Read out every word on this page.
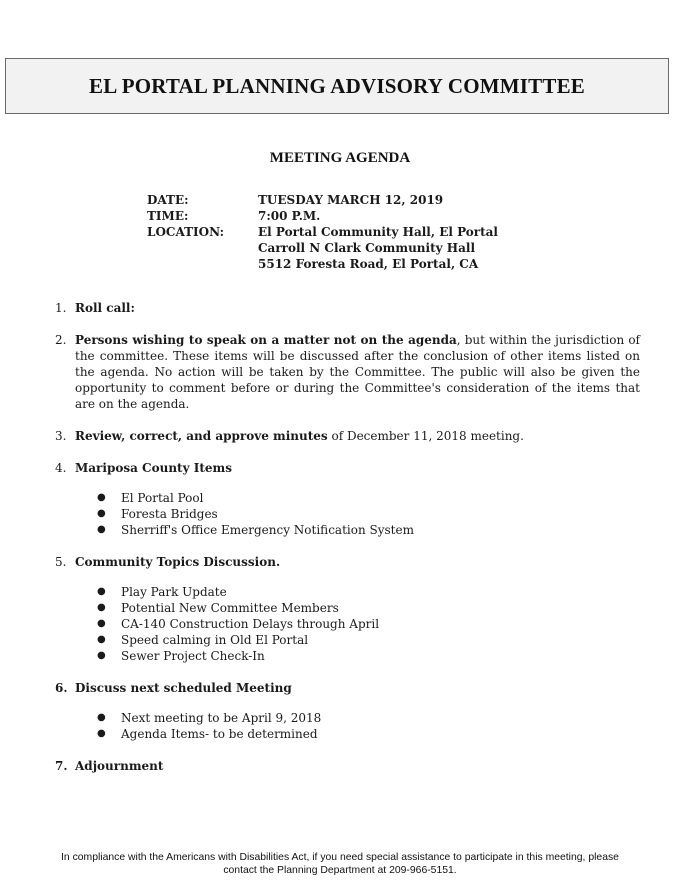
EL PORTAL PLANNING ADVISORY COMMITTEE
MEETING AGENDA
DATE:	TUESDAY MARCH 12, 2019
TIME:	7:00 P.M.
LOCATION:	El Portal Community Hall, El Portal
Carroll N Clark Community Hall
5512 Foresta Road, El Portal, CA
1. Roll call:
2. Persons wishing to speak on a matter not on the agenda, but within the jurisdiction of the committee. These items will be discussed after the conclusion of other items listed on the agenda. No action will be taken by the Committee. The public will also be given the opportunity to comment before or during the Committee's consideration of the items that are on the agenda.
3. Review, correct, and approve minutes of December 11, 2018 meeting.
4. Mariposa County Items
●	El Portal Pool
●	Foresta Bridges
●	Sherriff's Office Emergency Notification System
5. Community Topics Discussion.
●	Play Park Update
●	Potential New Committee Members
●	CA-140 Construction Delays through April
●	Speed calming in Old El Portal
●	Sewer Project Check-In
6. Discuss next scheduled Meeting
●	Next meeting to be April 9, 2018
●	Agenda Items- to be determined
7. Adjournment
In compliance with the Americans with Disabilities Act, if you need special assistance to participate in this meeting, please
contact the Planning Department at 209-966-5151.
